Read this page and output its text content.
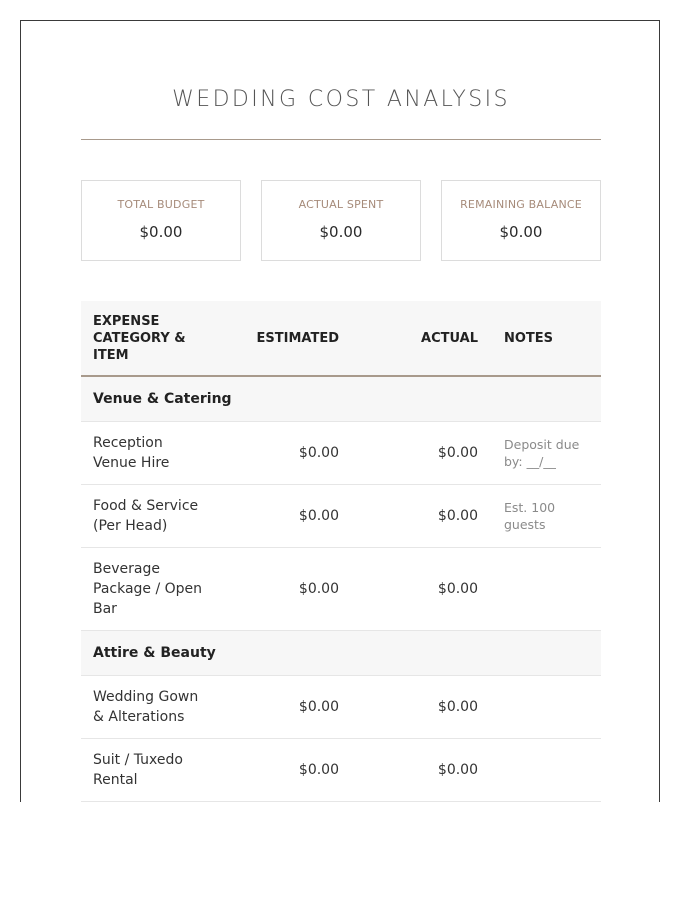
WEDDING COST ANALYSIS
TOTAL BUDGET
$0.00
ACTUAL SPENT
$0.00
REMAINING BALANCE
$0.00
EXPENSE CATEGORY & ITEM	ESTIMATED	ACTUAL	NOTES
Venue & Catering			
Reception Venue Hire	$0.00	$0.00	Deposit due by: __/__
Food & Service (Per Head)	$0.00	$0.00	Est. 100 guests
Beverage Package / Open Bar	$0.00	$0.00	
Attire & Beauty			
Wedding Gown & Alterations	$0.00	$0.00	
Suit / Tuxedo Rental	$0.00	$0.00	
